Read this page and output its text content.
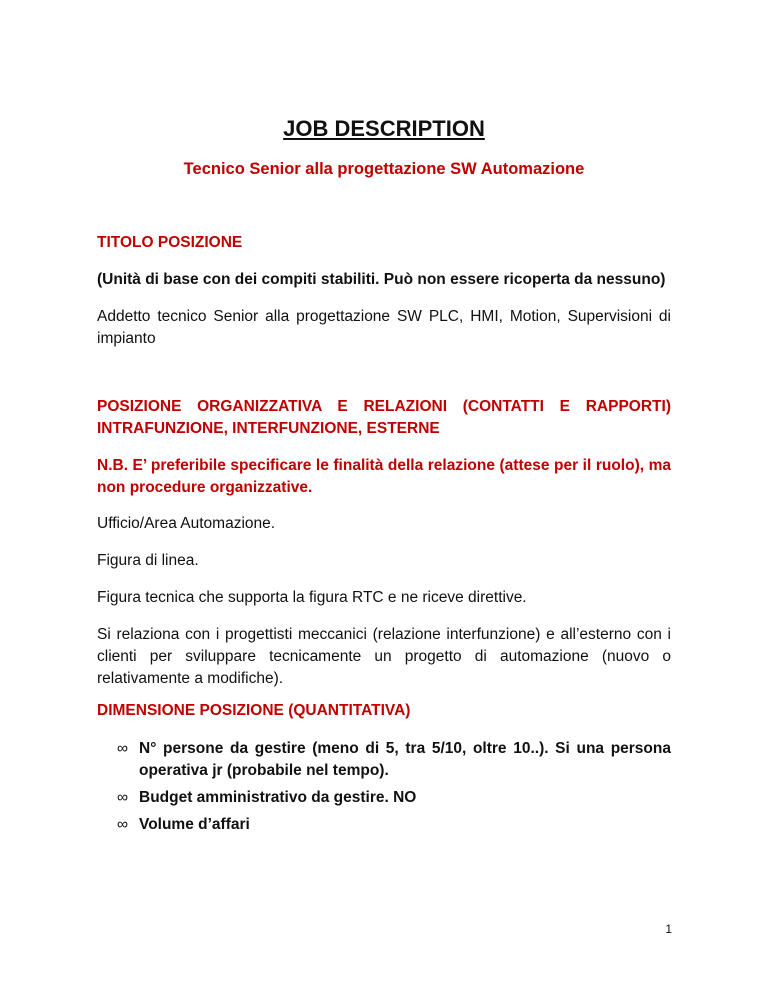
JOB DESCRIPTION
Tecnico Senior alla progettazione SW Automazione
TITOLO POSIZIONE
(Unità di base con dei compiti stabiliti. Può non essere ricoperta da nessuno)
Addetto tecnico Senior alla progettazione SW PLC, HMI, Motion, Supervisioni di impianto
POSIZIONE ORGANIZZATIVA E RELAZIONI (CONTATTI E RAPPORTI)
INTRAFUNZIONE, INTERFUNZIONE, ESTERNE
N.B. E’ preferibile specificare le finalità della relazione (attese per il ruolo), ma non procedure organizzative.
Ufficio/Area Automazione.
Figura di linea.
Figura tecnica che supporta la figura RTC e ne riceve direttive.
Si relaziona con i progettisti meccanici (relazione interfunzione) e all’esterno con i clienti per sviluppare tecnicamente un progetto di automazione (nuovo o relativamente a modifiche).
DIMENSIONE POSIZIONE (QUANTITATIVA)
∞ N° persone da gestire (meno di 5, tra 5/10, oltre 10..). Si una persona operativa jr (probabile nel tempo).
∞ Budget amministrativo da gestire. NO
∞ Volume d’affari
1
